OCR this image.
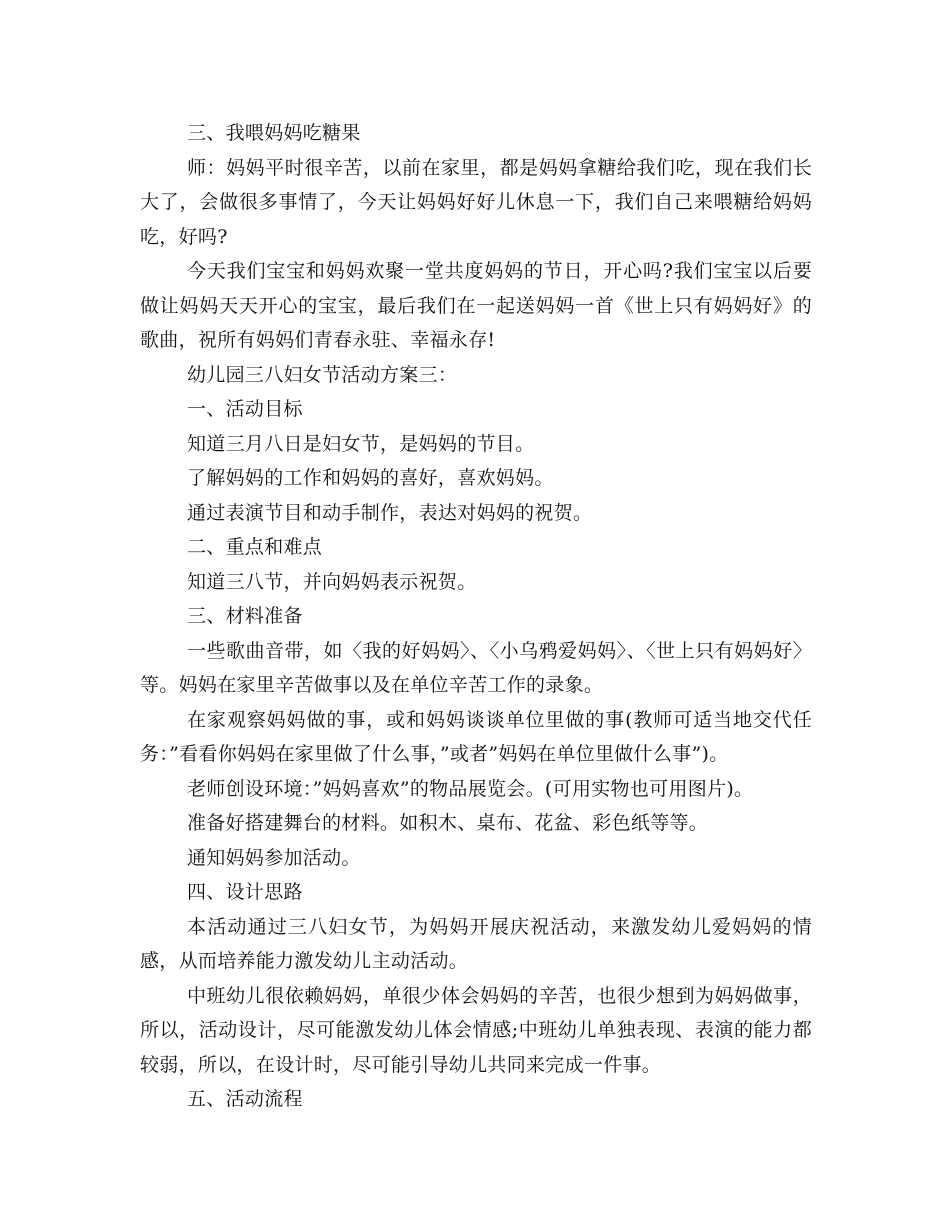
三、我喂妈妈吃糖果

师：妈妈平时很辛苦，以前在家里，都是妈妈拿糖给我们吃，现在我们长大了，会做很多事情了，今天让妈妈好好儿休息一下，我们自己来喂糖给妈妈吃，好吗?

今天我们宝宝和妈妈欢聚一堂共度妈妈的节日，开心吗?我们宝宝以后要做让妈妈天天开心的宝宝，最后我们在一起送妈妈一首《世上只有妈妈好》的歌曲，祝所有妈妈们青春永驻、幸福永存!

幼儿园三八妇女节活动方案三：

一、活动目标

知道三月八日是妇女节，是妈妈的节目。

了解妈妈的工作和妈妈的喜好，喜欢妈妈。

通过表演节目和动手制作，表达对妈妈的祝贺。

二、重点和难点

知道三八节，并向妈妈表示祝贺。

三、材料准备

一些歌曲音带，如〈我的好妈妈〉、〈小乌鸦爱妈妈〉、〈世上只有妈妈好〉等。妈妈在家里辛苦做事以及在单位辛苦工作的录象。

在家观察妈妈做的事，或和妈妈谈谈单位里做的事(教师可适当地交代任务：”看看你妈妈在家里做了什么事，”或者”妈妈在单位里做什么事”)。

老师创设环境：”妈妈喜欢”的物品展览会。(可用实物也可用图片)。

准备好搭建舞台的材料。如积木、桌布、花盆、彩色纸等等。

通知妈妈参加活动。

四、设计思路

本活动通过三八妇女节，为妈妈开展庆祝活动，来激发幼儿爱妈妈的情感，从而培养能力激发幼儿主动活动。

中班幼儿很依赖妈妈，单很少体会妈妈的辛苦，也很少想到为妈妈做事，所以，活动设计，尽可能激发幼儿体会情感;中班幼儿单独表现、表演的能力都较弱，所以，在设计时，尽可能引导幼儿共同来完成一件事。

五、活动流程
